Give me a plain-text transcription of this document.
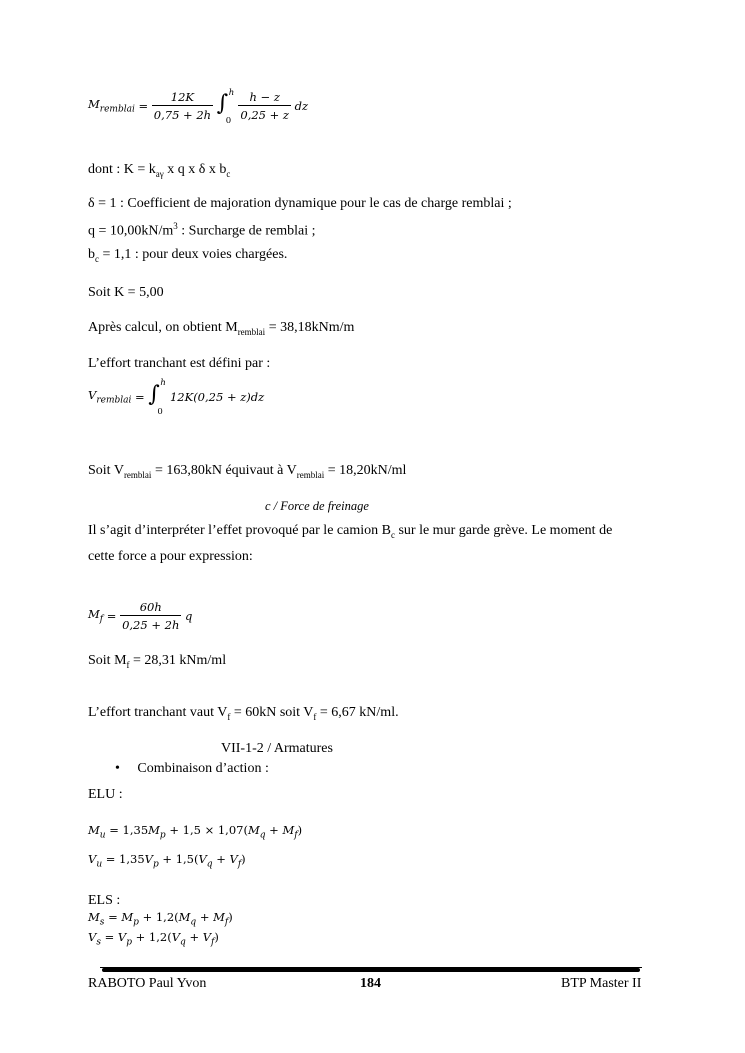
$M_{remblai} = \frac{12K}{0,75 + 2h}$
∫ h
0
$\frac{h - z}{0,25 + z}$ dz
dont : $K = k_{a\gamma}$ x q x δ x $b_c$
δ = 1 : Coefficient de majoration dynamique pour le cas de charge remblai ;
$q = 10,00kN/m^3$ : Surcharge de remblai ;
$b_c = 1,1$ : pour deux voies chargées.
Soit K = 5,00
Après calcul, on obtient $M_{remblai} = 38,18kNm/m$
L’effort tranchant est défini par :
$V_{remblai}$ = ∫ h
0
12K(0,25 + z)dz
Soit $V_{remblai} = 163,80kN$ équivaut à $V_{remblai} = 18,20kN/ml$
c / Force de freinage
Il s’agit d’interpréter l’effet provoqué par le camion $B_c$ sur le mur garde grève. Le moment de
cette force a pour expression:
$M_f = \frac{60h}{0,25 + 2h}$ q
Soit $M_f = 28,31$ kNm/ml
L’effort tranchant vaut $V_f = 60kN$ soit $V_f = 6,67$ kN/ml.
VII-1-2 / Armatures
• Combinaison d’action :
ELU :
$M_u = 1,35M_p + 1,5 \times 1,07(M_q + M_f)$
$V_u = 1,35V_p + 1,5(V_q + V_f)$
ELS :
$M_s = M_p + 1,2(M_q + M_f)$
$V_s = V_p + 1,2(V_q + V_f)$
RABOTO Paul Yvon	184	BTP Master II
